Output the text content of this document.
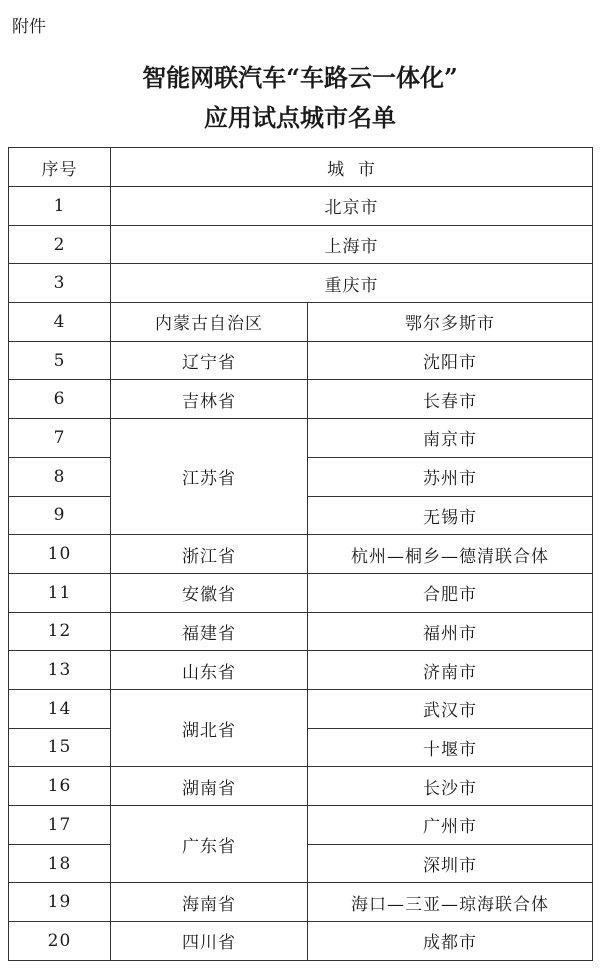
附件
智能网联汽车“车路云一体化”
应用试点城市名单
序号	城  市	
1	北京市	
2	上海市	
3	重庆市	
4	内蒙古自治区	鄂尔多斯市
5	辽宁省	沈阳市
6	吉林省	长春市
7	江苏省	南京市
8		苏州市
9		无锡市
10	浙江省	杭州—桐乡—德清联合体
11	安徽省	合肥市
12	福建省	福州市
13	山东省	济南市
14	湖北省	武汉市
15		十堰市
16	湖南省	长沙市
17	广东省	广州市
18		深圳市
19	海南省	海口—三亚—琼海联合体
20	四川省	成都市
